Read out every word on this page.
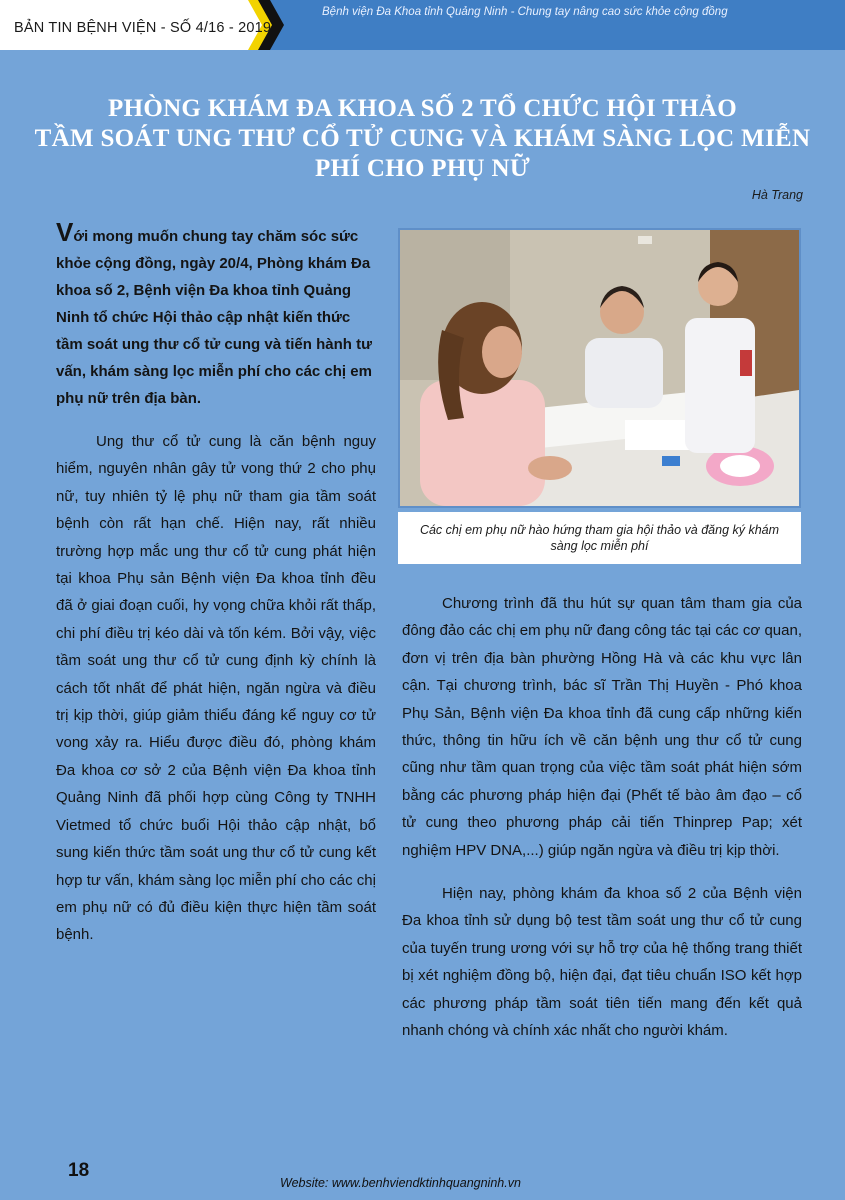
BẢN TIN BỆNH VIỆN - SỐ 4/16 - 2019
Bệnh viện Đa Khoa tỉnh Quảng Ninh - Chung tay nâng cao sức khỏe cộng đồng
PHÒNG KHÁM ĐA KHOA SỐ 2 TỔ CHỨC HỘI THẢO
TẦM SOÁT UNG THƯ CỔ TỬ CUNG VÀ KHÁM SÀNG LỌC MIỄN
PHÍ CHO PHỤ NỮ
Hà Trang

Với mong muốn chung tay chăm sóc sức khỏe cộng đồng, ngày 20/4, Phòng khám Đa khoa số 2, Bệnh viện Đa khoa tỉnh Quảng Ninh tổ chức Hội thảo cập nhật kiến thức tầm soát ung thư cổ tử cung và tiến hành tư vấn, khám sàng lọc miễn phí cho các chị em phụ nữ trên địa bàn.

Ung thư cổ tử cung là căn bệnh nguy hiểm, nguyên nhân gây tử vong thứ 2 cho phụ nữ, tuy nhiên tỷ lệ phụ nữ tham gia tầm soát bệnh còn rất hạn chế. Hiện nay, rất nhiều trường hợp mắc ung thư cổ tử cung phát hiện tại khoa Phụ sản Bệnh viện Đa khoa tỉnh đều đã ở giai đoạn cuối, hy vọng chữa khỏi rất thấp, chi phí điều trị kéo dài và tốn kém. Bởi vậy, việc tầm soát ung thư cổ tử cung định kỳ chính là cách tốt nhất để phát hiện, ngăn ngừa và điều trị kịp thời, giúp giảm thiểu đáng kể nguy cơ tử vong xảy ra. Hiểu được điều đó, phòng khám Đa khoa cơ sở 2 của Bệnh viện Đa khoa tỉnh Quảng Ninh đã phối hợp cùng Công ty TNHH Vietmed tổ chức buổi Hội thảo cập nhật, bổ sung kiến thức tầm soát ung thư cổ tử cung kết hợp tư vấn, khám sàng lọc miễn phí cho các chị em phụ nữ có đủ điều kiện thực hiện tầm soát bệnh.

Các chị em phụ nữ hào hứng tham gia hội thảo và đăng ký khám sàng lọc miễn phí

Chương trình đã thu hút sự quan tâm tham gia của đông đảo các chị em phụ nữ đang công tác tại các cơ quan, đơn vị trên địa bàn phường Hồng Hà và các khu vực lân cận. Tại chương trình, bác sĩ Trần Thị Huyền - Phó khoa Phụ Sản, Bệnh viện Đa khoa tỉnh đã cung cấp những kiến thức, thông tin hữu ích về căn bệnh ung thư cổ tử cung cũng như tầm quan trọng của việc tầm soát phát hiện sớm bằng các phương pháp hiện đại (Phết tế bào âm đạo – cổ tử cung theo phương pháp cải tiến Thinprep Pap; xét nghiệm HPV DNA,...) giúp ngăn ngừa và điều trị kịp thời.

Hiện nay, phòng khám đa khoa số 2 của Bệnh viện Đa khoa tỉnh sử dụng bộ test tầm soát ung thư cổ tử cung của tuyến trung ương với sự hỗ trợ của hệ thống trang thiết bị xét nghiệm đồng bộ, hiện đại, đạt tiêu chuẩn ISO kết hợp các phương pháp tầm soát tiên tiến mang đến kết quả nhanh chóng và chính xác nhất cho người khám.

18
Website: www.benhviendktinhquangninh.vn
